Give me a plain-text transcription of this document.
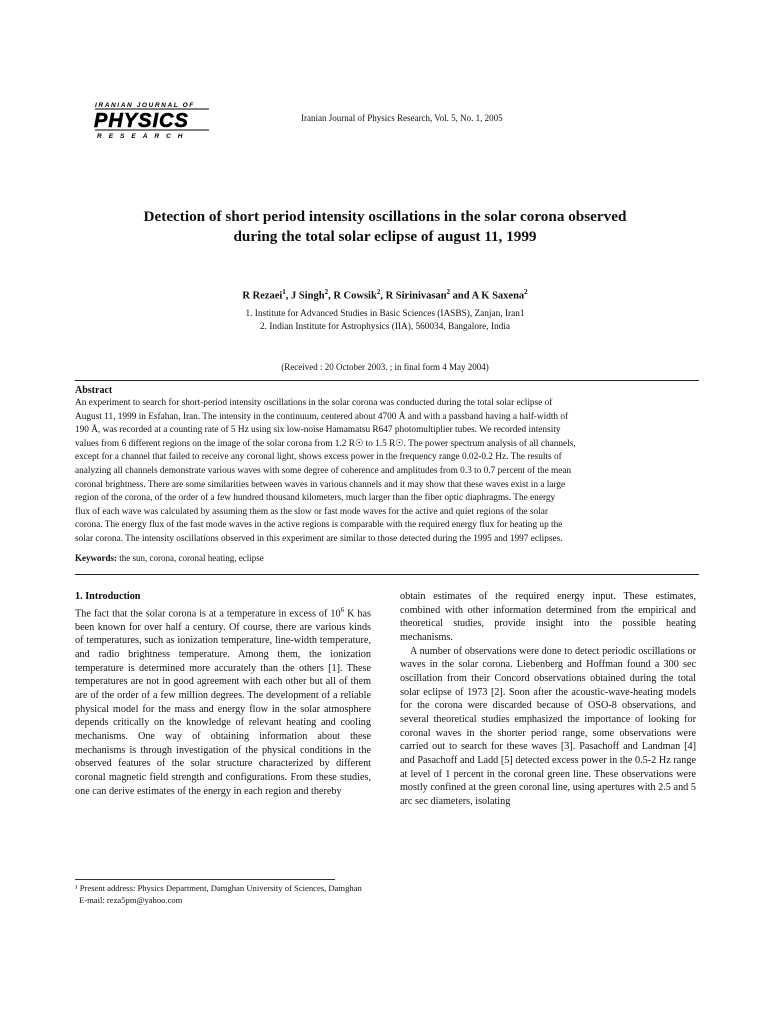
IRANIAN JOURNAL OF
PHYSICS
RESEARCH
Iranian Journal of Physics Research, Vol. 5, No. 1, 2005
Detection of short period intensity oscillations in the solar corona observed
during the total solar eclipse of august 11, 1999
R Rezaei$^1$, J Singh$^2$, R Cowsik$^2$, R Sirinivasan$^2$ and A K Saxena$^2$
1. Institute for Advanced Studies in Basic Sciences (IASBS), Zanjan, Iran1
2. Indian Institute for Astrophysics (IIA), 560034, Bangalore, India
(Received : 20 October 2003. ; in final form 4 May 2004)
Abstract
An experiment to search for short-period intensity oscillations in the solar corona was conducted during the total solar eclipse of
August 11, 1999 in Esfahan, Iran. The intensity in the continuum, centered about 4700 Å and with a passband having a half-width of
190 Å, was recorded at a counting rate of 5 Hz using six low-noise Hamamatsu R647 photomultiplier tubes. We recorded intensity
values from 6 different regions on the image of the solar corona from 1.2 R☉ to 1.5 R☉. The power spectrum analysis of all channels,
except for a channel that failed to receive any coronal light, shows excess power in the frequency range 0.02-0.2 Hz. The results of
analyzing all channels demonstrate various waves with some degree of coherence and amplitudes from 0.3 to 0.7 percent of the mean
coronal brightness. There are some similarities between waves in various channels and it may show that these waves exist in a large
region of the corona, of the order of a few hundred thousand kilometers, much larger than the fiber optic diaphragms. The energy
flux of each wave was calculated by assuming them as the slow or fast mode waves for the active and quiet regions of the solar
corona. The energy flux of the fast mode waves in the active regions is comparable with the required energy flux for heating up the
solar corona. The intensity oscillations observed in this experiment are similar to those detected during the 1995 and 1997 eclipses.
Keywords: the sun, corona, coronal heating, eclipse
1. Introduction
The fact that the solar corona is at a temperature in excess of $10^6$ K has been known for over half a century. Of course, there are various kinds of temperatures, such as ionization temperature, line-width temperature, and radio brightness temperature. Among them, the ionization temperature is determined more accurately than the others [1]. These temperatures are not in good agreement with each other but all of them are of the order of a few million degrees. The development of a reliable physical model for the mass and energy flow in the solar atmosphere depends critically on the knowledge of relevant heating and cooling mechanisms. One way of obtaining information about these mechanisms is through investigation of the physical conditions in the observed features of the solar structure characterized by different coronal magnetic field strength and configurations. From these studies, one can derive estimates of the energy in each region and thereby
obtain estimates of the required energy input. These estimates, combined with other information determined from the empirical and theoretical studies, provide insight into the possible heating mechanisms.
A number of observations were done to detect periodic oscillations or waves in the solar corona. Liebenberg and Hoffman found a 300 sec oscillation from their Concord observations obtained during the total solar eclipse of 1973 [2]. Soon after the acoustic-wave-heating models for the corona were discarded because of OSO-8 observations, and several theoretical studies emphasized the importance of looking for coronal waves in the shorter period range, some observations were carried out to search for these waves [3]. Pasachoff and Landman [4] and Pasachoff and Ladd [5] detected excess power in the 0.5-2 Hz range at level of 1 percent in the coronal green line. These observations were mostly confined at the green coronal line, using apertures with 2.5 and 5 arc sec diameters, isolating
¹ Present address: Physics Department, Damghan University of Sciences, Damghan
E-mail: reza5pm@yahoo.com
